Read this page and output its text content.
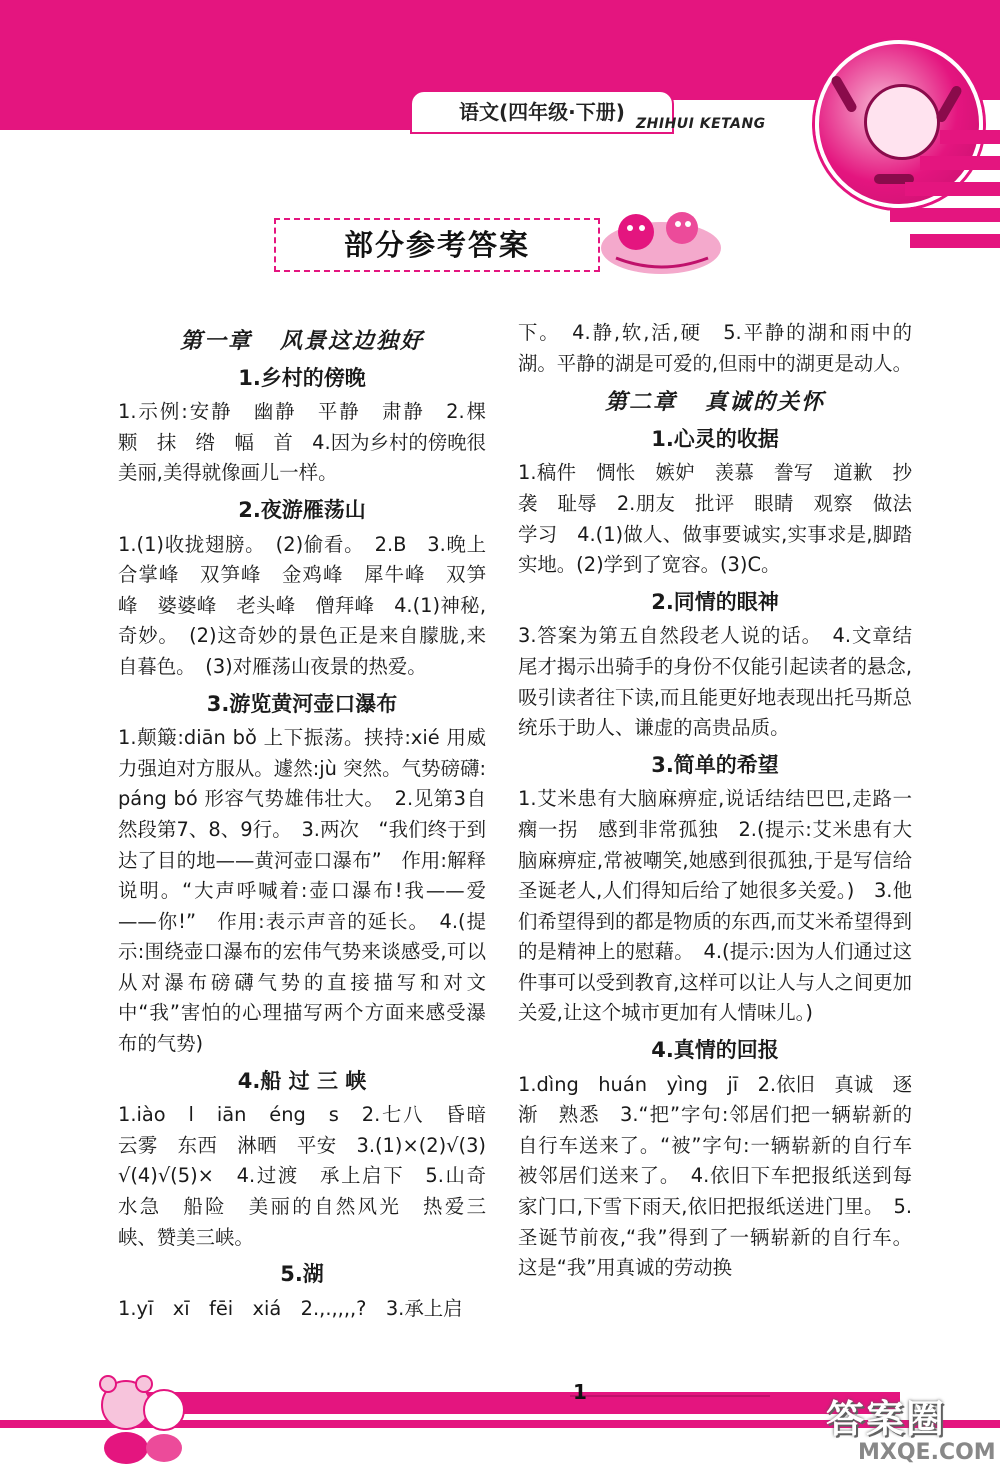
语文(四年级·下册) ZHIHUI KETANG
部分参考答案
第一章 风景这边独好
1.乡村的傍晚

1.示例:安静　幽静　平静　肃静　2.棵　颗　抹　绺　幅　首　4.因为乡村的傍晚很美丽,美得就像画儿一样。

2.夜游雁荡山

1.(1)收拢翅膀。　(2)偷看。　2.B　3.晚上　合掌峰　双笋峰　金鸡峰　犀牛峰　双笋峰　婆婆峰　老头峰　僧拜峰　4.(1)神秘,奇妙。　(2)这奇妙的景色正是来自朦胧,来自暮色。　(3)对雁荡山夜景的热爱。

3.游览黄河壶口瀑布

1.颠簸:diān bǒ 上下振荡。挟持:xié 用威力强迫对方服从。遽然:jù 突然。气势磅礴:páng bó 形容气势雄伟壮大。　2.见第3自然段第7、8、9行。　3.两次　“我们终于到达了目的地——黄河壶口瀑布”　作用:解释说明。“大声呼喊着:壶口瀑布!我——爱——你!”　作用:表示声音的延长。　4.(提示:围绕壶口瀑布的宏伟气势来谈感受,可以从对瀑布磅礴气势的直接描写和对文中“我”害怕的心理描写两个方面来感受瀑布的气势)

4.船 过 三 峡

1.iào　l　iān　éng　s　2.七八　昏暗　云雾　东西　淋晒　平安　3.(1)×(2)√(3)√(4)√(5)×　4.过渡　承上启下　5.山奇　水急　船险　美丽的自然风光　热爱三峡、赞美三峡。

5.湖

1.yī　xī　fēi　xiá　2.,.,,,,?　3.承上启

下。　4.静,软,活,硬　5.平静的湖和雨中的湖。平静的湖是可爱的,但雨中的湖更是动人。

第二章 真诚的关怀
1.心灵的收据

1.稿件　惆怅　嫉妒　羡慕　誊写　道歉　抄袭　耻辱　2.朋友　批评　眼睛　观察　做法　学习　4.(1)做人、做事要诚实,实事求是,脚踏实地。(2)学到了宽容。(3)C。

2.同情的眼神

3.答案为第五自然段老人说的话。　4.文章结尾才揭示出骑手的身份不仅能引起读者的悬念,吸引读者往下读,而且能更好地表现出托马斯总统乐于助人、谦虚的高贵品质。

3.简单的希望

1.艾米患有大脑麻痹症,说话结结巴巴,走路一瘸一拐　感到非常孤独　2.(提示:艾米患有大脑麻痹症,常被嘲笑,她感到很孤独,于是写信给圣诞老人,人们得知后给了她很多关爱。)　3.他们希望得到的都是物质的东西,而艾米希望得到的是精神上的慰藉。　4.(提示:因为人们通过这件事可以受到教育,这样可以让人与人之间更加关爱,让这个城市更加有人情味儿。)

4.真情的回报

1.dìng　huán　yìng　jī　2.依旧　真诚　逐渐　熟悉　3.“把”字句:邻居们把一辆崭新的自行车送来了。“被”字句:一辆崭新的自行车被邻居们送来了。　4.依旧下车把报纸送到每家门口,下雪下雨天,依旧把报纸送进门里。　5.圣诞节前夜,“我”得到了一辆崭新的自行车。这是“我”用真诚的劳动换

1
答案圈
MXQE.COM
